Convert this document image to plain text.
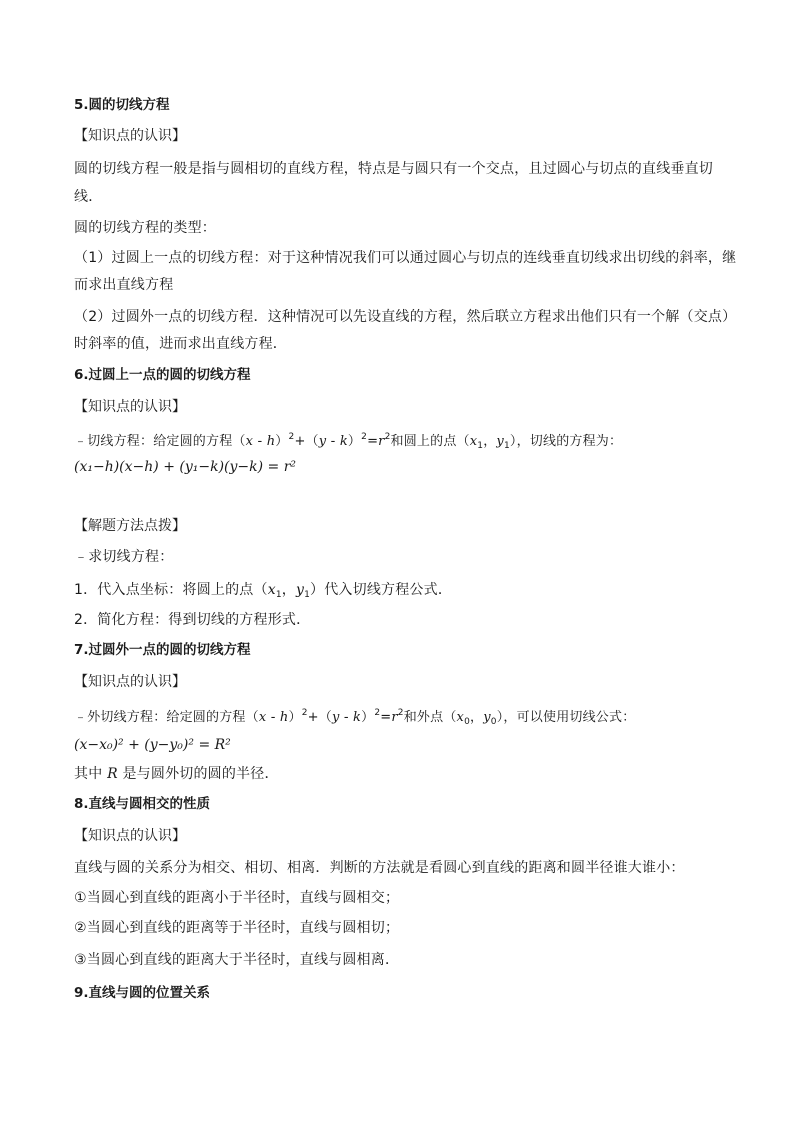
5.圆的切线方程
【知识点的认识】
圆的切线方程一般是指与圆相切的直线方程，特点是与圆只有一个交点，且过圆心与切点的直线垂直切
线．
圆的切线方程的类型：
（1）过圆上一点的切线方程：对于这种情况我们可以通过圆心与切点的连线垂直切线求出切线的斜率，继
而求出直线方程
（2）过圆外一点的切线方程．这种情况可以先设直线的方程，然后联立方程求出他们只有一个解（交点）
时斜率的值，进而求出直线方程．
6.过圆上一点的圆的切线方程
【知识点的认识】
﹣切线方程：给定圆的方程$(x - h)^2+(y - k)^2=r^2$和圆上的点（$x_1$，$y_1$），切线的方程为：
(x₁−h)(x−h) + (y₁−k)(y−k) = r²
【解题方法点拨】
﹣求切线方程：
1．代入点坐标：将圆上的点（$x_1$，$y_1$）代入切线方程公式．
2．简化方程：得到切线的方程形式．
7.过圆外一点的圆的切线方程
【知识点的认识】
﹣外切线方程：给定圆的方程$(x - h)^2+(y - k)^2=r^2$和外点（$x_0$，$y_0$），可以使用切线公式：
(x−x₀)² + (y−y₀)² = R²
其中 R 是与圆外切的圆的半径．
8.直线与圆相交的性质
【知识点的认识】
直线与圆的关系分为相交、相切、相离．判断的方法就是看圆心到直线的距离和圆半径谁大谁小：
①当圆心到直线的距离小于半径时，直线与圆相交；
②当圆心到直线的距离等于半径时，直线与圆相切；
③当圆心到直线的距离大于半径时，直线与圆相离．
9.直线与圆的位置关系
